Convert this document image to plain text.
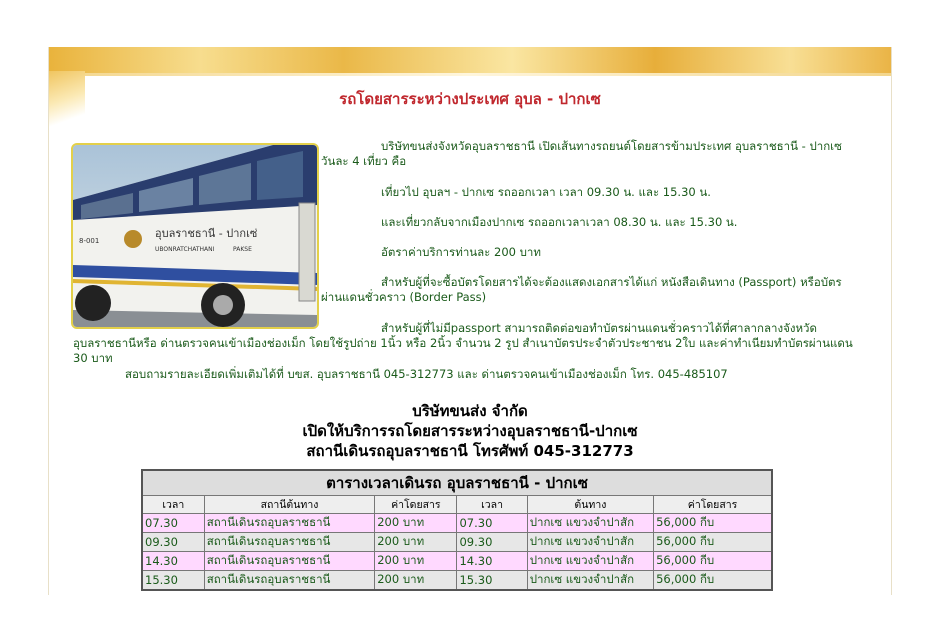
รถโดยสารระหว่างประเทศ อุบล - ปากเซ
อุบลราชธานี - ปากเซ่
UBONRATCHATHANI	PAKSE
8-001
บริษัทขนส่งจังหวัดอุบลราชธานี เปิดเส้นทางรถยนต์โดยสารข้ามประเทศ อุบลราชธานี - ปากเซ วันละ 4 เที่ยว คือ
เที่ยวไป อุบลฯ - ปากเซ รถออกเวลา เวลา 09.30 น. และ 15.30 น.
และเที่ยวกลับจากเมืองปากเซ รถออกเวลาเวลา 08.30 น. และ 15.30 น.
อัตราค่าบริการท่านละ 200 บาท
สำหรับผู้ที่จะซื้อบัตรโดยสารได้จะต้องแสดงเอกสารได้แก่ หนังสือเดินทาง (Passport) หรือบัตรผ่านแดนชั่วคราว (Border Pass)
สำหรับผู้ที่ไม่มีpassport สามารถติดต่อขอทำบัตรผ่านแดนชั่วคราวได้ที่ศาลากลางจังหวัดอุบลราชธานีหรือ ด่านตรวจคนเข้าเมืองช่องเม็ก โดยใช้รูปถ่าย 1นิ้ว หรือ 2นิ้ว จำนวน 2 รูป สำเนาบัตรประจำตัวประชาชน 2ใบ และค่าทำเนียมทำบัตรผ่านแดน 30 บาท
สอบถามรายละเอียดเพิ่มเติมได้ที่ บขส. อุบลราชธานี 045-312773 และ ด่านตรวจคนเข้าเมืองช่องเม็ก โทร. 045-485107
บริษัทขนส่ง จำกัด
เปิดให้บริการรถโดยสารระหว่างอุบลราชธานี-ปากเซ
สถานีเดินรถอุบลราชธานี โทรศัพท์ 045-312773
ตารางเวลาเดินรถ อุบลราชธานี - ปากเซ					
เวลา	สถานีต้นทาง	ค่าโดยสาร	เวลา	ต้นทาง	ค่าโดยสาร
07.30	สถานีเดินรถอุบลราชธานี	200 บาท	07.30	ปากเซ แขวงจำปาสัก	56,000 กีบ
09.30	สถานีเดินรถอุบลราชธานี	200 บาท	09.30	ปากเซ แขวงจำปาสัก	56,000 กีบ
14.30	สถานีเดินรถอุบลราชธานี	200 บาท	14.30	ปากเซ แขวงจำปาสัก	56,000 กีบ
15.30	สถานีเดินรถอุบลราชธานี	200 บาท	15.30	ปากเซ แขวงจำปาสัก	56,000 กีบ
